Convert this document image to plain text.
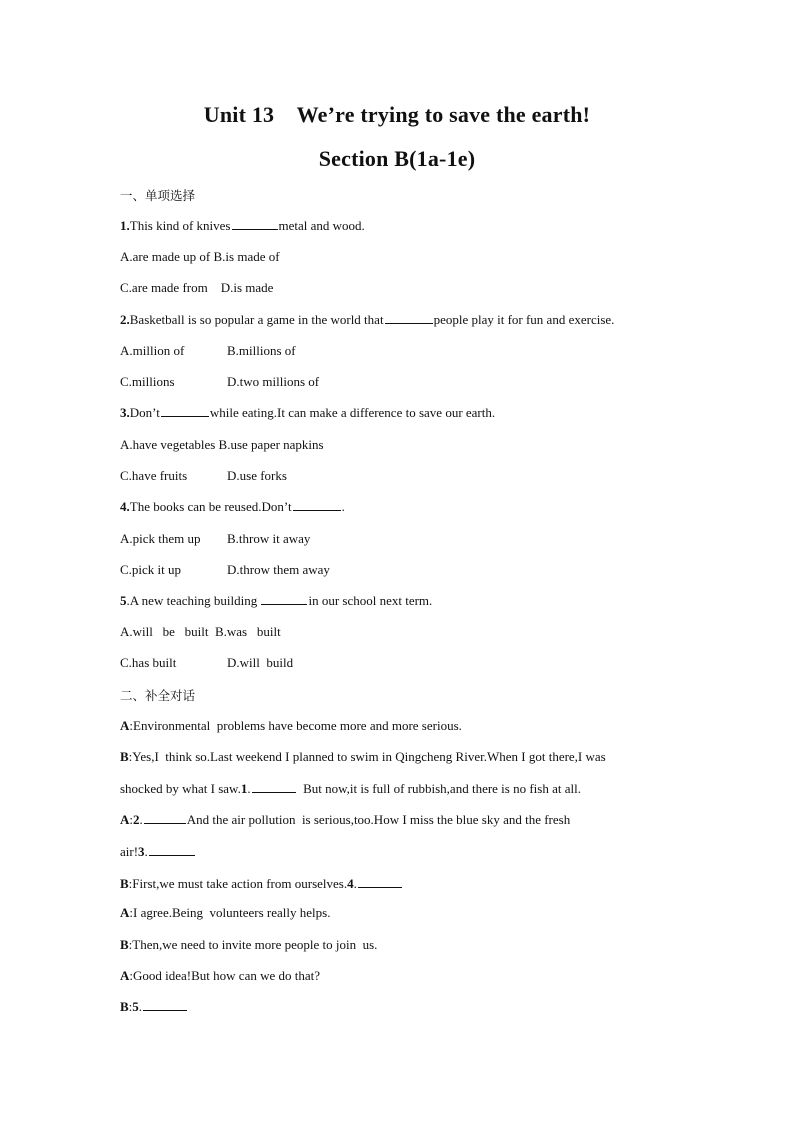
Unit 13    We’re trying to save the earth!
Section B(1a-1e)
一、单项选择
1.This kind of knives	metal and wood.
A.are made up of B.is made of
C.are made from D.is made
2.Basketball is so popular a game in the world that	people play it for fun and exercise.
A.million of	B.millions of
C.millions	D.two millions of
3.Don’t	while eating.It can make a difference to save our earth.
A.have vegetables B.use paper napkins
C.have fruits	D.use forks
4.The books can be reused.Don’t	.
A.pick them up B.throw it away
C.pick it up	D.throw them away
5.A new teaching building	in our school next term.
A.will   be   built B.was   built
C.has built	D.will  build
二、补全对话
A:Environmental  problems have become more and more serious.
B:Yes,I  think so.Last weekend I planned to swim in Qingcheng River.When I got there,I was
shocked by what I saw.1.	But now,it is full of rubbish,and there is no fish at all.
A:2.	And the air pollution  is serious,too.How I miss the blue sky and the fresh
air!3.
B:First,we must take action from ourselves.4.
A:I agree.Being  volunteers really helps.
B:Then,we need to invite more people to join  us.
A:Good idea!But how can we do that?
B:5.
